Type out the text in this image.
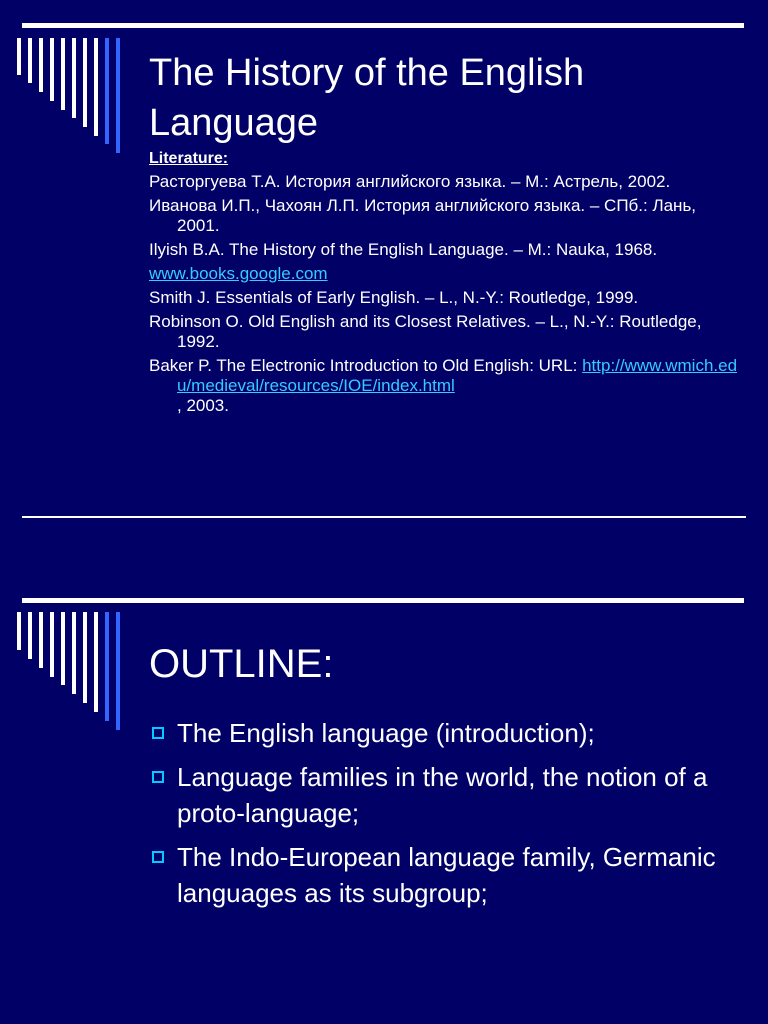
The History of the English Language
Literature:
Расторгуева Т.А. История английского языка. – М.: Астрель, 2002.
Иванова И.П., Чахоян Л.П. История английского языка. – СПб.: Лань, 2001.
Ilyish B.A. The History of the English Language. – M.: Nauka, 1968.
www.books.google.com
Smith J. Essentials of Early English. – L., N.-Y.: Routledge, 1999.
Robinson O. Old English and its Closest Relatives. – L., N.-Y.: Routledge, 1992.
Baker P. The Electronic Introduction to Old English: URL: http://www.wmich.edu/medieval/resources/IOE/index.html
, 2003.
OUTLINE:
The English language (introduction);
Language families in the world, the notion of a proto-language;
The Indo-European language family, Germanic languages as its subgroup;
